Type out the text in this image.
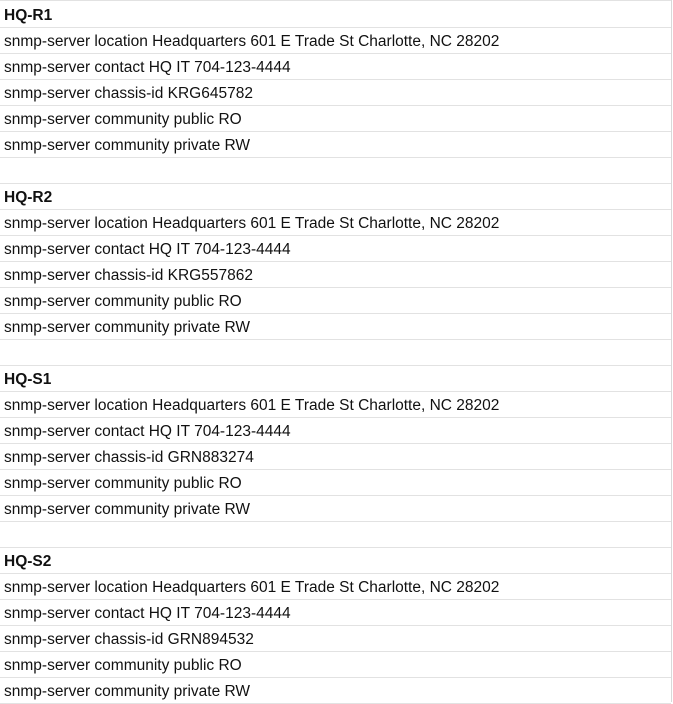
HQ-R1
snmp-server location Headquarters 601 E Trade St Charlotte, NC 28202
snmp-server contact HQ IT 704-123-4444
snmp-server chassis-id KRG645782
snmp-server community public RO
snmp-server community private RW
HQ-R2
snmp-server location Headquarters 601 E Trade St Charlotte, NC 28202
snmp-server contact HQ IT 704-123-4444
snmp-server chassis-id KRG557862
snmp-server community public RO
snmp-server community private RW
HQ-S1
snmp-server location Headquarters 601 E Trade St Charlotte, NC 28202
snmp-server contact HQ IT 704-123-4444
snmp-server chassis-id GRN883274
snmp-server community public RO
snmp-server community private RW
HQ-S2
snmp-server location Headquarters 601 E Trade St Charlotte, NC 28202
snmp-server contact HQ IT 704-123-4444
snmp-server chassis-id GRN894532
snmp-server community public RO
snmp-server community private RW
